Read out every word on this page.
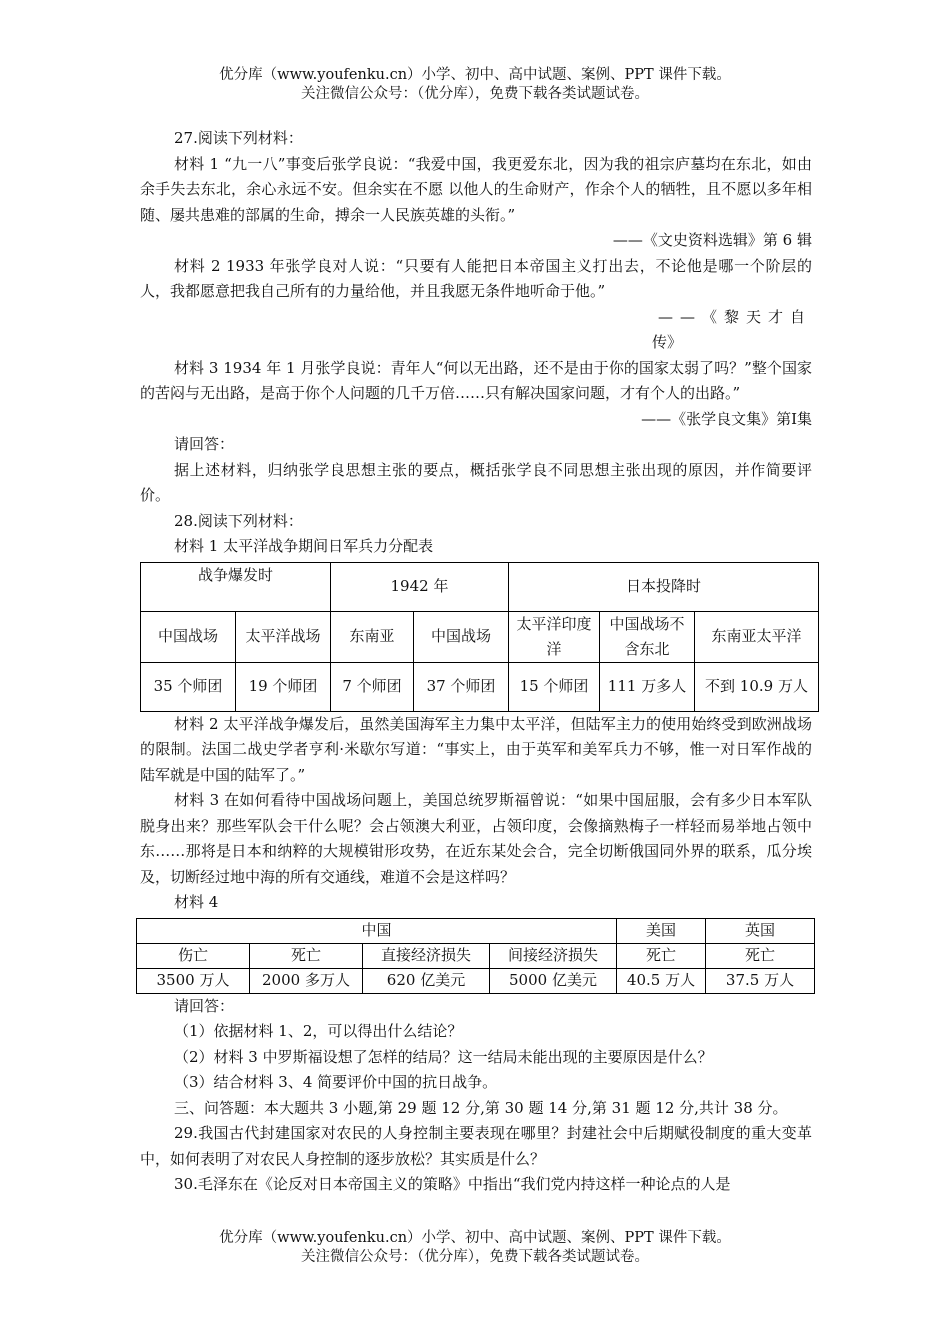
优分库（www.youfenku.cn）小学、初中、高中试题、案例、PPT 课件下载。
关注微信公众号：（优分库），免费下载各类试题试卷。

27.阅读下列材料：

材料 1 “九一八”事变后张学良说：“我爱中国，我更爱东北，因为我的祖宗庐墓均在东北，如由余手失去东北，余心永远不安。但余实在不愿 以他人的生命财产，作余个人的牺牲，且不愿以多年相随、屡共患难的部属的生命，搏余一人民族英雄的头衔。”

——《文史资料选辑》第 6 辑

材料 2 1933 年张学良对人说：“只要有人能把日本帝国主义打出去，不论他是哪一个阶层的人，我都愿意把我自己所有的力量给他，并且我愿无条件地听命于他。”

——《黎天才自

传》

材料 3 1934 年 1 月张学良说：青年人“何以无出路，还不是由于你的国家太弱了吗？”整个国家的苦闷与无出路，是高于你个人问题的几千万倍……只有解决国家问题，才有个人的出路。”

——《张学良文集》第Ⅰ集

请回答：

据上述材料，归纳张学良思想主张的要点，概括张学良不同思想主张出现的原因，并作简要评价。

28.阅读下列材料：

材料 1 太平洋战争期间日军兵力分配表

战争爆发时		1942 年		日本投降时		
中国战场	太平洋战场	东南亚	中国战场	太平洋印度洋	中国战场不含东北	东南亚太平洋
35 个师团	19 个师团	7 个师团	37 个师团	15 个师团	111 万多人	不到 10.9 万人

材料 2 太平洋战争爆发后，虽然美国海军主力集中太平洋，但陆军主力的使用始终受到欧洲战场的限制。法国二战史学者亨利·米歇尔写道：“事实上，由于英军和美军兵力不够，惟一对日军作战的陆军就是中国的陆军了。”

材料 3 在如何看待中国战场问题上，美国总统罗斯福曾说：“如果中国屈服，会有多少日本军队脱身出来？那些军队会干什么呢？会占领澳大利亚，占领印度，会像摘熟梅子一样轻而易举地占领中东……那将是日本和纳粹的大规模钳形攻势，在近东某处会合，完全切断俄国同外界的联系，瓜分埃及，切断经过地中海的所有交通线，难道不会是这样吗？

材料 4

中国				美国	英国
伤亡	死亡	直接经济损失	间接经济损失	死亡	死亡
3500 万人	2000 多万人	620 亿美元	5000 亿美元	40.5 万人	37.5 万人

请回答：

（1）依据材料 1、2，可以得出什么结论？

（2）材料 3 中罗斯福设想了怎样的结局？这一结局未能出现的主要原因是什么？

（3）结合材料 3、4 简要评价中国的抗日战争。

三、问答题：本大题共 3 小题,第 29 题 12 分,第 30 题 14 分,第 31 题 12 分,共计 38 分。

29.我国古代封建国家对农民的人身控制主要表现在哪里？封建社会中后期赋役制度的重大变革中，如何表明了对农民人身控制的逐步放松？其实质是什么？

30.毛泽东在《论反对日本帝国主义的策略》中指出“我们党内持这样一种论点的人是

优分库（www.youfenku.cn）小学、初中、高中试题、案例、PPT 课件下载。
关注微信公众号：（优分库），免费下载各类试题试卷。
